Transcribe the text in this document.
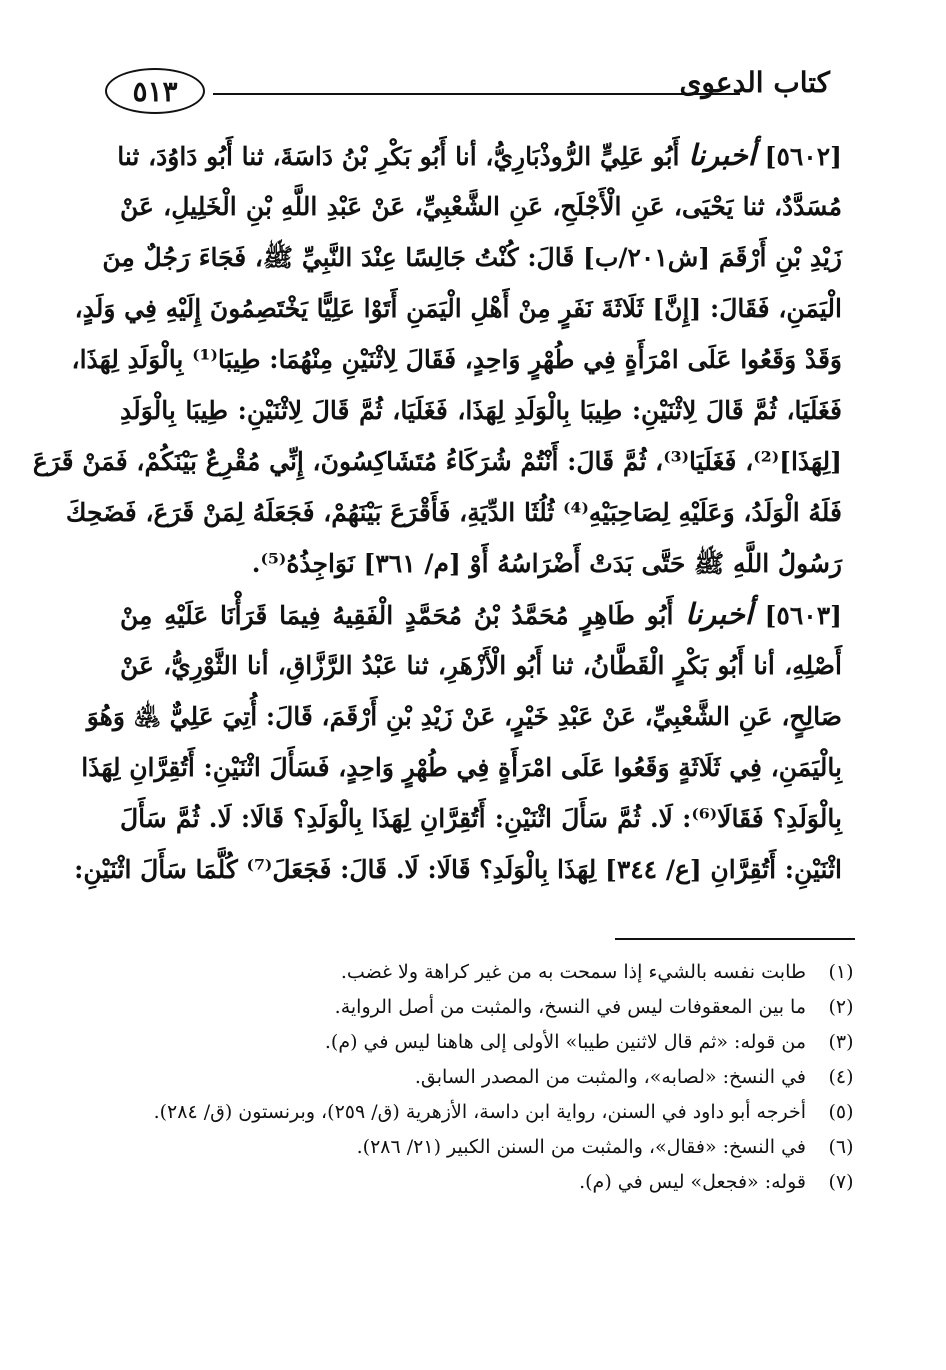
٥١٣	كتاب الدعوى
[٥٦٠٢] أخبرنا أَبُو عَلِيٍّ الرُّوذْبَارِيُّ، أنا أَبُو بَكْرِ بْنُ دَاسَةَ، ثنا أَبُو دَاوُدَ، ثنا
مُسَدَّدٌ، ثنا يَحْيَى، عَنِ الْأَجْلَحِ، عَنِ الشَّعْبِيِّ، عَنْ عَبْدِ اللَّهِ بْنِ الْخَلِيلِ، عَنْ
زَيْدِ بْنِ أَرْقَمَ [ش٢٠١/ب] قَالَ: كُنْتُ جَالِسًا عِنْدَ النَّبِيِّ ﷺ، فَجَاءَ رَجُلٌ مِنَ
الْيَمَنِ، فَقَالَ: [إِنَّ] ثَلَاثَةَ نَفَرٍ مِنْ أَهْلِ الْيَمَنِ أَتَوْا عَلِيًّا يَخْتَصِمُونَ إِلَيْهِ فِي وَلَدٍ،
وَقَدْ وَقَعُوا عَلَى امْرَأَةٍ فِي طُهْرٍ وَاحِدٍ، فَقَالَ لِاثْنَيْنِ مِنْهُمَا: طِيبَا⁽¹⁾ بِالْوَلَدِ لِهَذَا،
فَغَلَيَا، ثُمَّ قَالَ لِاثْنَيْنِ: طِيبَا بِالْوَلَدِ لِهَذَا، فَغَلَيَا، ثُمَّ قَالَ لِاثْنَيْنِ: طِيبَا بِالْوَلَدِ
[لِهَذَا]⁽²⁾، فَغَلَيَا⁽³⁾، ثُمَّ قَالَ: أَنْتُمْ شُرَكَاءُ مُتَشَاكِسُونَ، إِنِّي مُقْرِعٌ بَيْنَكُمْ، فَمَنْ قَرَعَ
فَلَهُ الْوَلَدُ، وَعَلَيْهِ لِصَاحِبَيْهِ⁽⁴⁾ ثُلُثَا الدِّيَةِ، فَأَقْرَعَ بَيْنَهُمْ، فَجَعَلَهُ لِمَنْ قَرَعَ، فَضَحِكَ
رَسُولُ اللَّهِ ﷺ حَتَّى بَدَتْ أَضْرَاسُهُ أَوْ [م/ ٣٦١] نَوَاجِذُهُ⁽⁵⁾.
[٥٦٠٣] أخبرنا أَبُو طَاهِرٍ مُحَمَّدُ بْنُ مُحَمَّدٍ الْفَقِيهُ فِيمَا قَرَأْنَا عَلَيْهِ مِنْ
أَصْلِهِ، أنا أَبُو بَكْرٍ الْقَطَّانُ، ثنا أَبُو الْأَزْهَرِ، ثنا عَبْدُ الرَّزَّاقِ، أنا الثَّوْرِيُّ، عَنْ
صَالِحٍ، عَنِ الشَّعْبِيِّ، عَنْ عَبْدِ خَيْرٍ، عَنْ زَيْدِ بْنِ أَرْقَمَ، قَالَ: أُتِيَ عَلِيٌّ ﵁ وَهُوَ
بِالْيَمَنِ، فِي ثَلَاثَةٍ وَقَعُوا عَلَى امْرَأَةٍ فِي طُهْرٍ وَاحِدٍ، فَسَأَلَ اثْنَيْنِ: أَتُقِرَّانِ لِهَذَا
بِالْوَلَدِ؟ فَقَالَا⁽⁶⁾: لَا. ثُمَّ سَأَلَ اثْنَيْنِ: أَتُقِرَّانِ لِهَذَا بِالْوَلَدِ؟ قَالَا: لَا. ثُمَّ سَأَلَ
اثْنَيْنِ: أَتُقِرَّانِ [ع/ ٣٤٤] لِهَذَا بِالْوَلَدِ؟ قَالَا: لَا. قَالَ: فَجَعَلَ⁽⁷⁾ كُلَّمَا سَأَلَ اثْنَيْنِ:
(١)
طابت نفسه بالشيء إذا سمحت به من غير كراهة ولا غضب.
(٢)
ما بين المعقوفات ليس في النسخ، والمثبت من أصل الرواية.
(٣)
من قوله: «ثم قال لاثنين طيبا» الأولى إلى هاهنا ليس في (م).
(٤)
في النسخ: «لصابه»، والمثبت من المصدر السابق.
(٥)
أخرجه أبو داود في السنن، رواية ابن داسة، الأزهرية (ق/ ٢٥٩)، وبرنستون (ق/ ٢٨٤).
(٦)
في النسخ: «فقال»، والمثبت من السنن الكبير (٢١/ ٢٨٦).
(٧)
قوله: «فجعل» ليس في (م).
